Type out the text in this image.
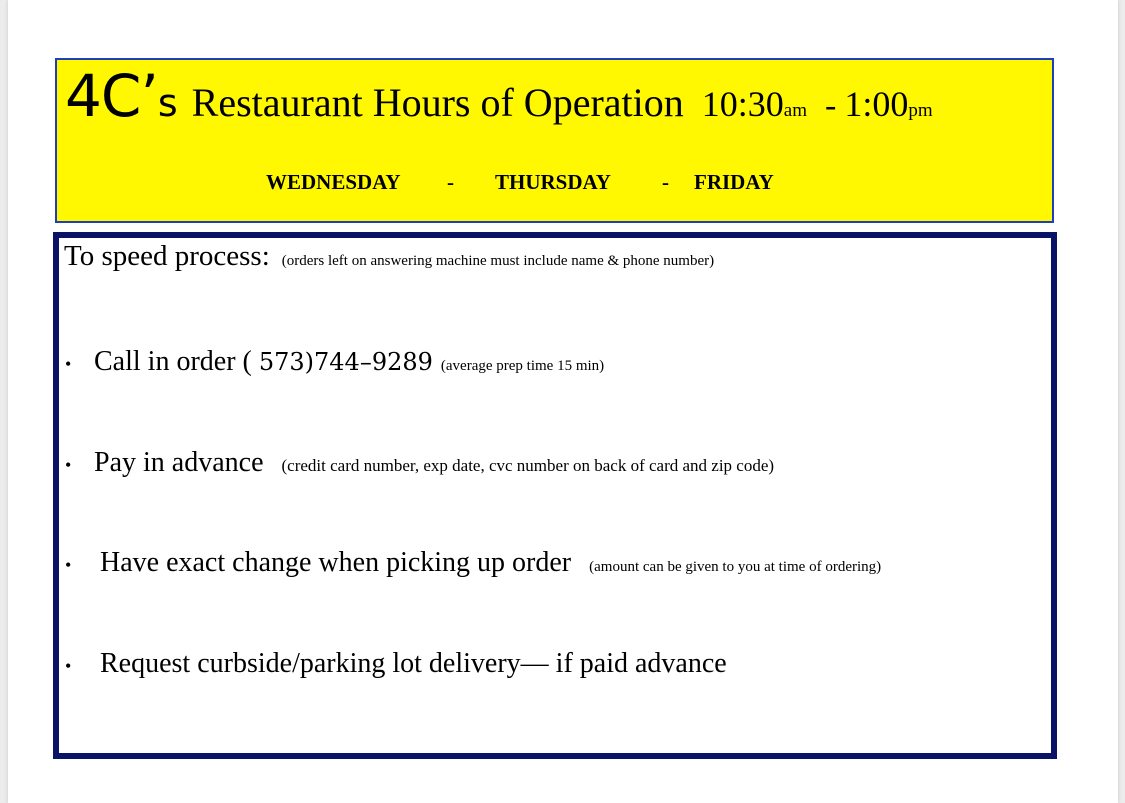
4C’s Restaurant Hours of Operation 10:30am - 1:00pm
WEDNESDAY - THURSDAY - FRIDAY
To speed process: (orders left on answering machine must include name & phone number)
• Call in order ( 573)744–9289 (average prep time 15 min)
• Pay in advance (credit card number, exp date, cvc number on back of card and zip code)
• Have exact change when picking up order (amount can be given to you at time of ordering)
• Request curbside/parking lot delivery— if paid advance
